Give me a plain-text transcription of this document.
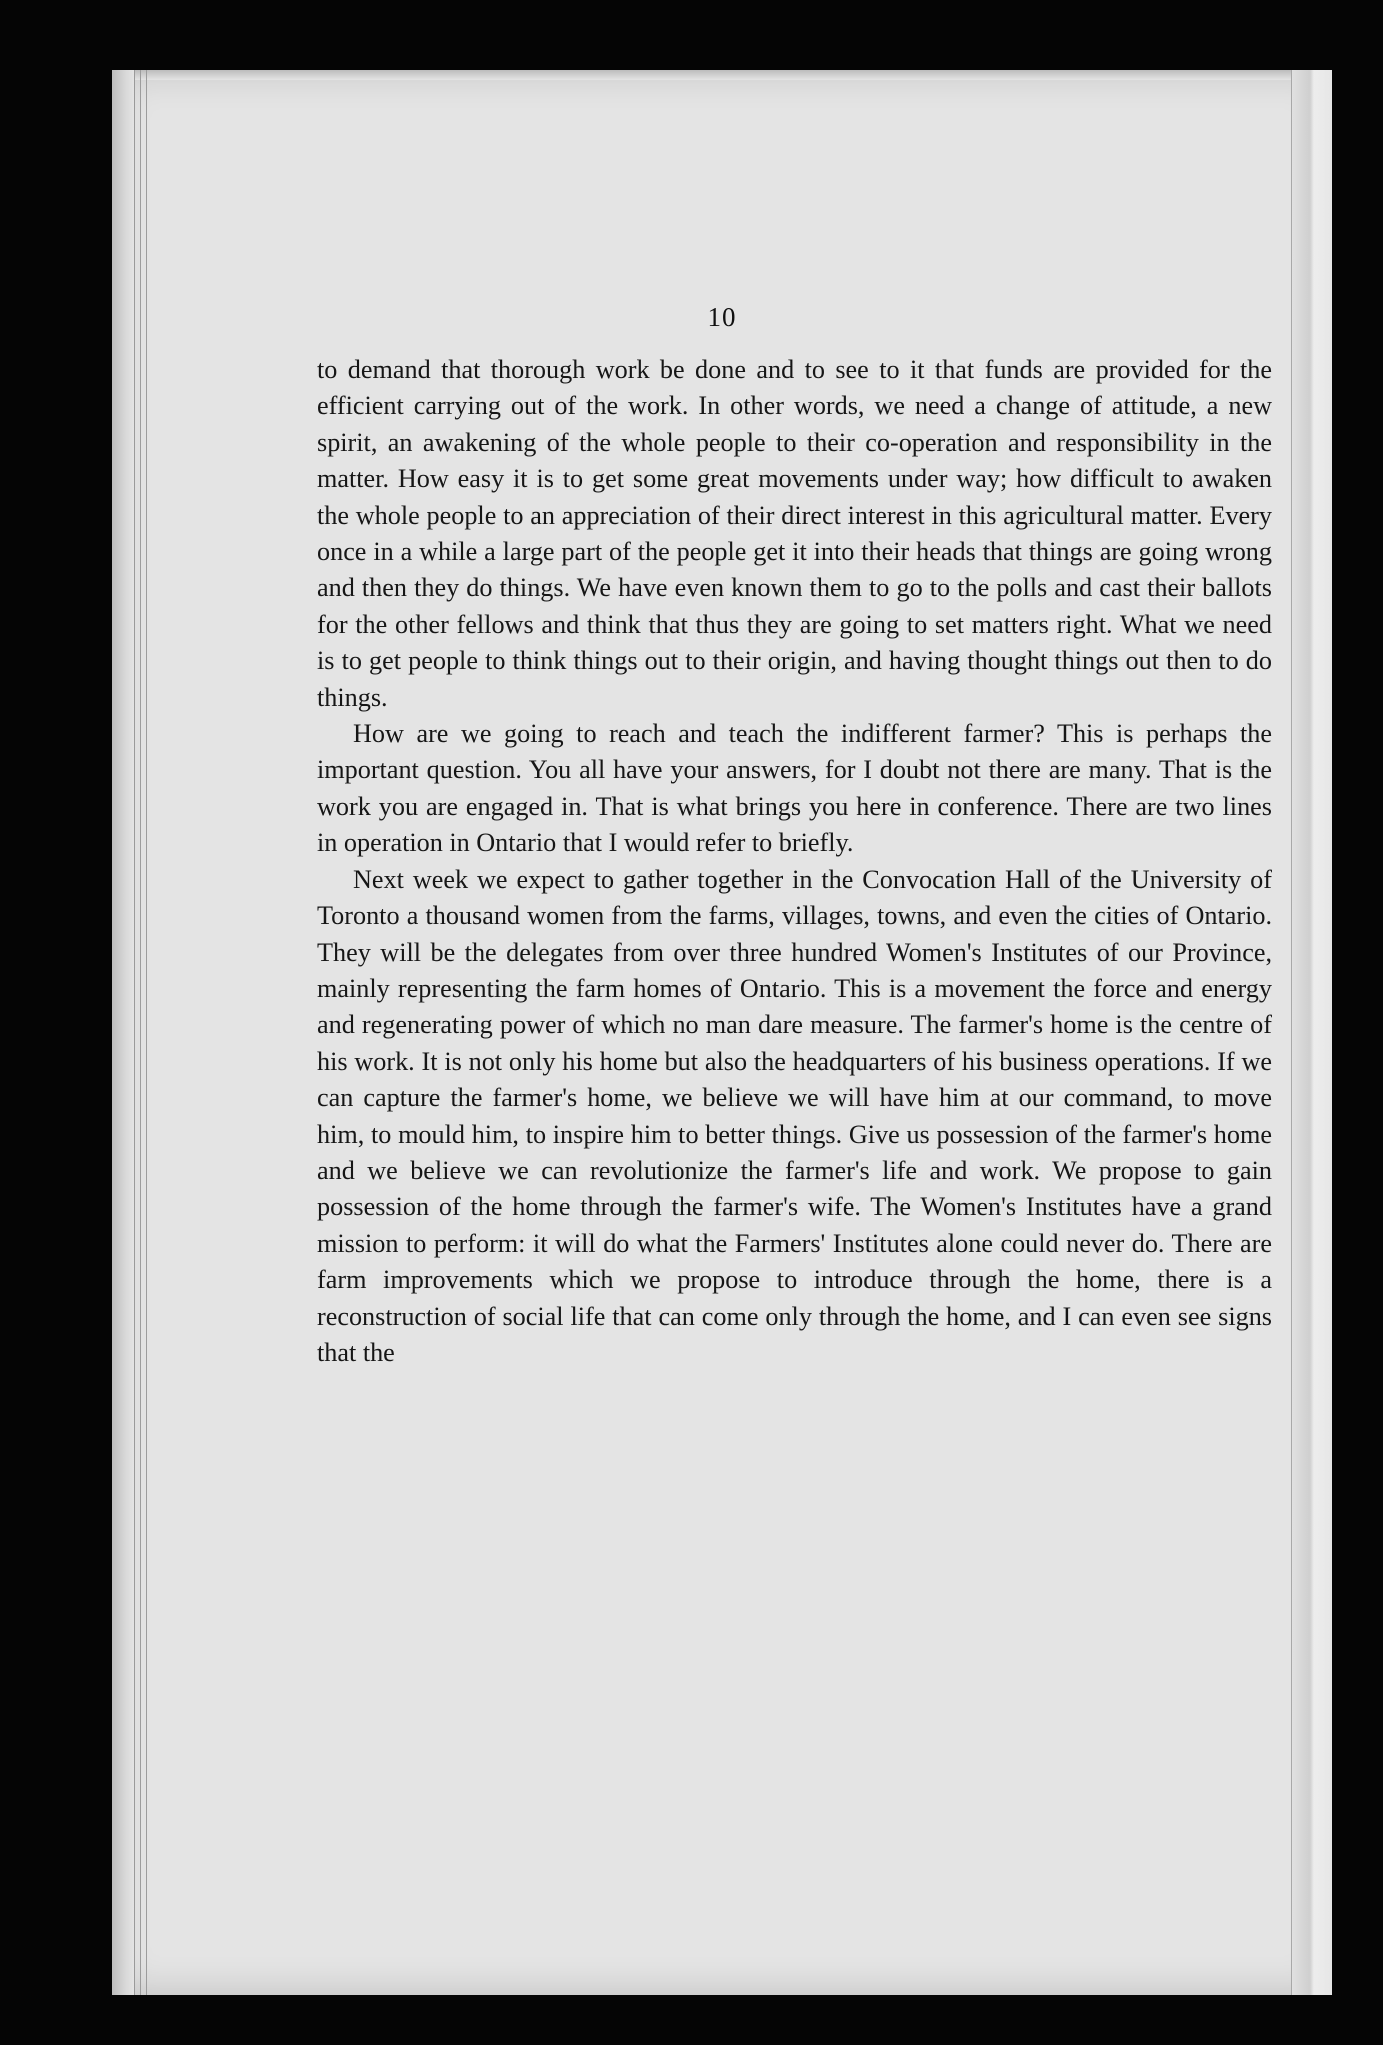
10

to demand that thorough work be done and to see to it that funds are provided for the efficient carrying out of the work. In other words, we need a change of attitude, a new spirit, an awakening of the whole people to their co-operation and responsibility in the matter. How easy it is to get some great movements under way; how difficult to awaken the whole people to an appreciation of their direct interest in this agricultural matter. Every once in a while a large part of the people get it into their heads that things are going wrong and then they do things. We have even known them to go to the polls and cast their ballots for the other fellows and think that thus they are going to set matters right. What we need is to get people to think things out to their origin, and having thought things out then to do things.

How are we going to reach and teach the indifferent farmer? This is perhaps the important question. You all have your answers, for I doubt not there are many. That is the work you are engaged in. That is what brings you here in conference. There are two lines in operation in Ontario that I would refer to briefly.

Next week we expect to gather together in the Convocation Hall of the University of Toronto a thousand women from the farms, villages, towns, and even the cities of Ontario. They will be the delegates from over three hundred Women's Institutes of our Province, mainly representing the farm homes of Ontario. This is a movement the force and energy and regenerating power of which no man dare measure. The farmer's home is the centre of his work. It is not only his home but also the headquarters of his business operations. If we can capture the farmer's home, we believe we will have him at our command, to move him, to mould him, to inspire him to better things. Give us possession of the farmer's home and we believe we can revolutionize the farmer's life and work. We propose to gain possession of the home through the farmer's wife. The Women's Institutes have a grand mission to perform: it will do what the Farmers' Institutes alone could never do. There are farm improvements which we propose to introduce through the home, there is a reconstruction of social life that can come only through the home, and I can even see signs that the
